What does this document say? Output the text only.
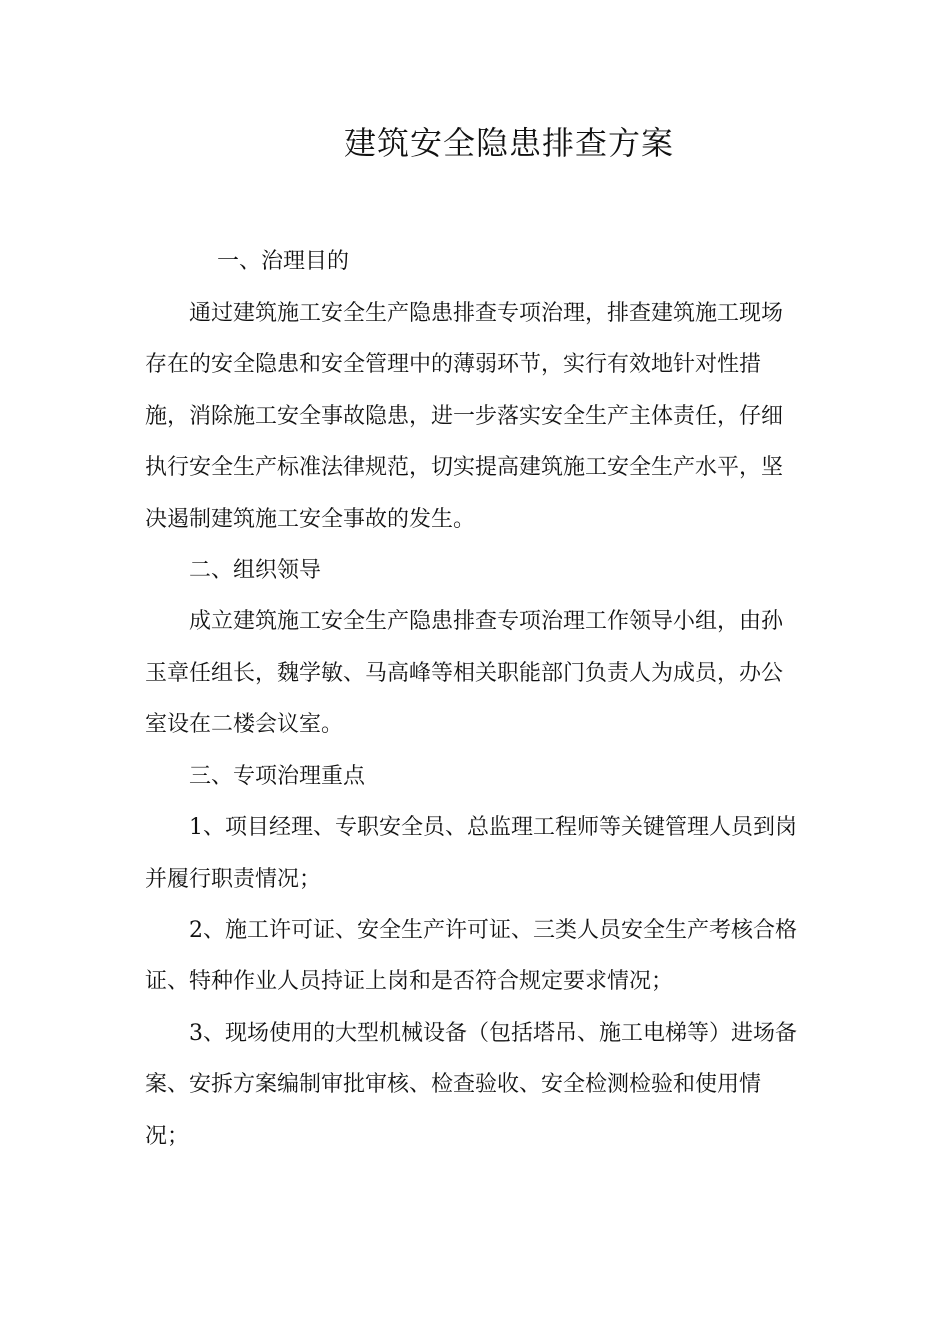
建筑安全隐患排查方案
一、治理目的
通过建筑施工安全生产隐患排查专项治理，排查建筑施工现场
存在的安全隐患和安全管理中的薄弱环节，实行有效地针对性措
施，消除施工安全事故隐患，进一步落实安全生产主体责任，仔细
执行安全生产标准法律规范，切实提高建筑施工安全生产水平，坚
决遏制建筑施工安全事故的发生。
二、组织领导
成立建筑施工安全生产隐患排查专项治理工作领导小组，由孙
玉章任组长，魏学敏、马高峰等相关职能部门负责人为成员，办公
室设在二楼会议室。
三、专项治理重点
1、项目经理、专职安全员、总监理工程师等关键管理人员到岗
并履行职责情况；
2、施工许可证、安全生产许可证、三类人员安全生产考核合格
证、特种作业人员持证上岗和是否符合规定要求情况；
3、现场使用的大型机械设备（包括塔吊、施工电梯等）进场备
案、安拆方案编制审批审核、检查验收、安全检测检验和使用情
况；
